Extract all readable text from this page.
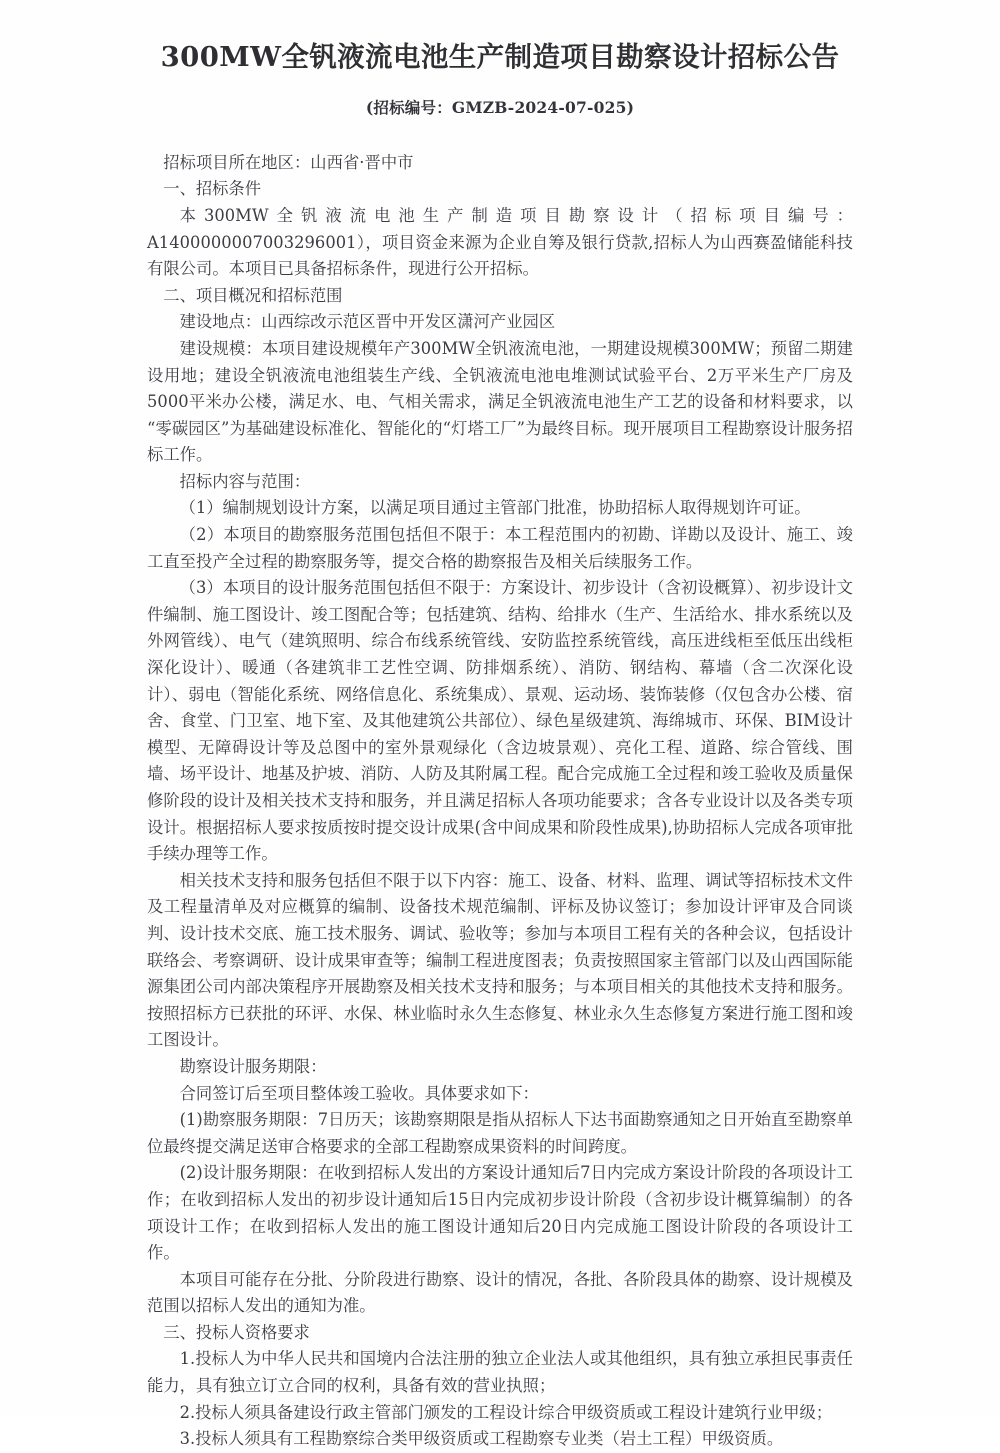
300MW全钒液流电池生产制造项目勘察设计招标公告

(招标编号：GMZB-2024-07-025)

招标项目所在地区：山西省·晋中市

一、招标条件

本300MW全钒液流电池生产制造项目勘察设计（招标项目编号：A1400000007003296001），项目资金来源为企业自筹及银行贷款,招标人为山西赛盈储能科技有限公司。本项目已具备招标条件，现进行公开招标。

二、项目概况和招标范围

建设地点：山西综改示范区晋中开发区潇河产业园区

建设规模：本项目建设规模年产300MW全钒液流电池，一期建设规模300MW；预留二期建设用地；建设全钒液流电池组装生产线、全钒液流电池电堆测试试验平台、2万平米生产厂房及5000平米办公楼，满足水、电、气相关需求，满足全钒液流电池生产工艺的设备和材料要求，以“零碳园区”为基础建设标准化、智能化的“灯塔工厂”为最终目标。现开展项目工程勘察设计服务招标工作。

招标内容与范围：

（1）编制规划设计方案，以满足项目通过主管部门批准，协助招标人取得规划许可证。

（2）本项目的勘察服务范围包括但不限于：本工程范围内的初勘、详勘以及设计、施工、竣工直至投产全过程的勘察服务等，提交合格的勘察报告及相关后续服务工作。

（3）本项目的设计服务范围包括但不限于：方案设计、初步设计（含初设概算）、初步设计文件编制、施工图设计、竣工图配合等；包括建筑、结构、给排水（生产、生活给水、排水系统以及外网管线）、电气（建筑照明、综合布线系统管线、安防监控系统管线，高压进线柜至低压出线柜深化设计）、暖通（各建筑非工艺性空调、防排烟系统）、消防、钢结构、幕墙（含二次深化设计）、弱电（智能化系统、网络信息化、系统集成）、景观、运动场、装饰装修（仅包含办公楼、宿舍、食堂、门卫室、地下室、及其他建筑公共部位）、绿色星级建筑、海绵城市、环保、BIM设计模型、无障碍设计等及总图中的室外景观绿化（含边坡景观）、亮化工程、道路、综合管线、围墙、场平设计、地基及护坡、消防、人防及其附属工程。配合完成施工全过程和竣工验收及质量保修阶段的设计及相关技术支持和服务，并且满足招标人各项功能要求；含各专业设计以及各类专项设计。根据招标人要求按质按时提交设计成果(含中间成果和阶段性成果),协助招标人完成各项审批手续办理等工作。

相关技术支持和服务包括但不限于以下内容：施工、设备、材料、监理、调试等招标技术文件及工程量清单及对应概算的编制、设备技术规范编制、评标及协议签订；参加设计评审及合同谈判、设计技术交底、施工技术服务、调试、验收等；参加与本项目工程有关的各种会议，包括设计联络会、考察调研、设计成果审查等；编制工程进度图表；负责按照国家主管部门以及山西国际能源集团公司内部决策程序开展勘察及相关技术支持和服务；与本项目相关的其他技术支持和服务。按照招标方已获批的环评、水保、林业临时永久生态修复、林业永久生态修复方案进行施工图和竣工图设计。

勘察设计服务期限：

合同签订后至项目整体竣工验收。具体要求如下：

(1)勘察服务期限：7日历天；该勘察期限是指从招标人下达书面勘察通知之日开始直至勘察单位最终提交满足送审合格要求的全部工程勘察成果资料的时间跨度。

(2)设计服务期限：在收到招标人发出的方案设计通知后7日内完成方案设计阶段的各项设计工作；在收到招标人发出的初步设计通知后15日内完成初步设计阶段（含初步设计概算编制）的各项设计工作；在收到招标人发出的施工图设计通知后20日内完成施工图设计阶段的各项设计工作。

本项目可能存在分批、分阶段进行勘察、设计的情况，各批、各阶段具体的勘察、设计规模及范围以招标人发出的通知为准。

三、投标人资格要求

1.投标人为中华人民共和国境内合法注册的独立企业法人或其他组织，具有独立承担民事责任能力，具有独立订立合同的权利，具备有效的营业执照；

2.投标人须具备建设行政主管部门颁发的工程设计综合甲级资质或工程设计建筑行业甲级；

3.投标人须具有工程勘察综合类甲级资质或工程勘察专业类（岩土工程）甲级资质。
